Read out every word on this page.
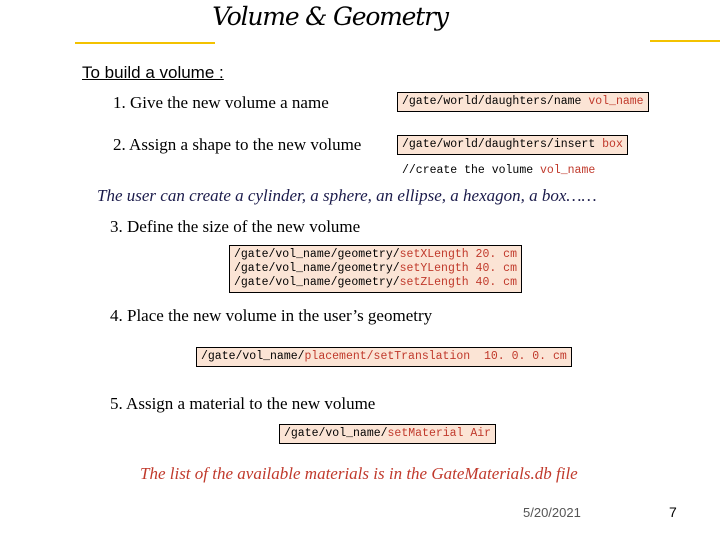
Volume & Geometry
To build a volume :
1. Give the new volume a name	/gate/world/daughters/name vol_name
2. Assign a shape to the new volume	/gate/world/daughters/insert box
//create the volume vol_name
The user can create a cylinder, a sphere, an ellipse, a hexagon, a box……
3. Define the size of the new volume
/gate/vol_name/geometry/setXLength 20. cm
/gate/vol_name/geometry/setYLength 40. cm
/gate/vol_name/geometry/setZLength 40. cm
4. Place the new volume in the user’s geometry
/gate/vol_name/placement/setTranslation  10. 0. 0. cm
5. Assign a material to the new volume
/gate/vol_name/setMaterial Air
The list of the available materials is in the GateMaterials.db file
5/20/2021	7
